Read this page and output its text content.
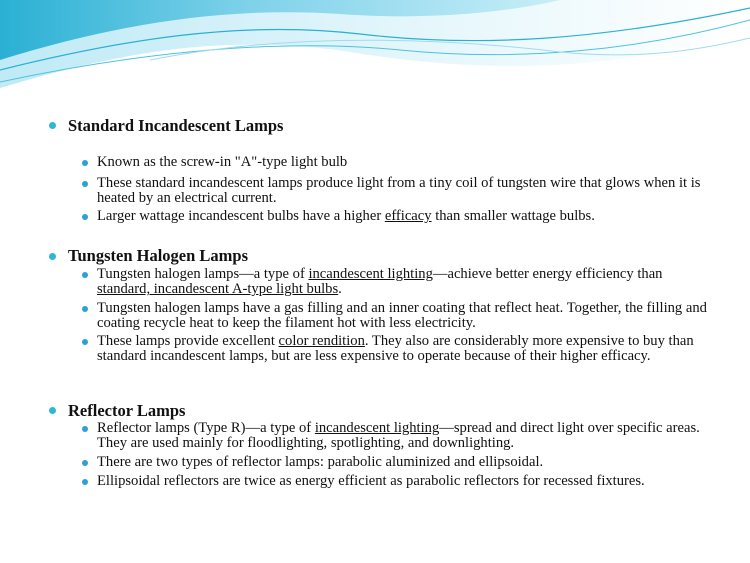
Standard Incandescent Lamps
Known as the screw-in "A"-type light bulb
These standard incandescent lamps produce light from a tiny coil of tungsten wire that glows when it is heated by an electrical current.
Larger wattage incandescent bulbs have a higher efficacy than smaller wattage bulbs.
Tungsten Halogen Lamps
Tungsten halogen lamps—a type of incandescent lighting—achieve better energy efficiency than standard, incandescent A-type light bulbs.
Tungsten halogen lamps have a gas filling and an inner coating that reflect heat. Together, the filling and coating recycle heat to keep the filament hot with less electricity.
These lamps provide excellent color rendition. They also are considerably more expensive to buy than standard incandescent lamps, but are less expensive to operate because of their higher efficacy.
Reflector Lamps
Reflector lamps (Type R)—a type of incandescent lighting—spread and direct light over specific areas. They are used mainly for floodlighting, spotlighting, and downlighting.
There are two types of reflector lamps: parabolic aluminized and ellipsoidal.
Ellipsoidal reflectors are twice as energy efficient as parabolic reflectors for recessed fixtures.
